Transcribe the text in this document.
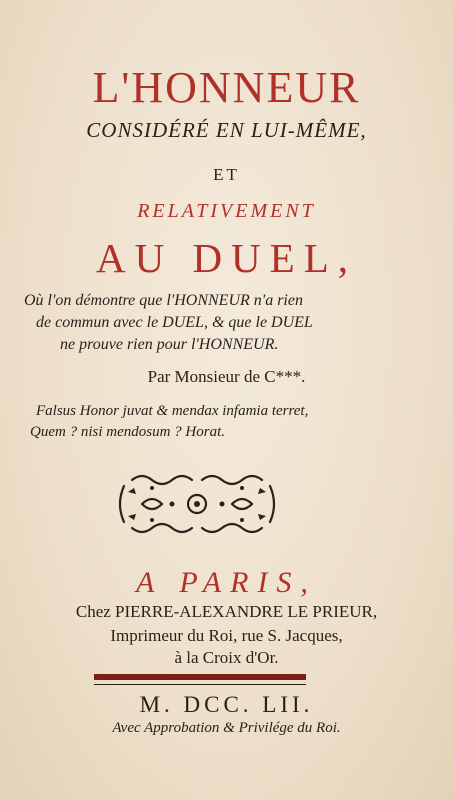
L'HONNEUR
CONSIDÉRÉ EN LUI-MÊME,
ET
RELATIVEMENT
AU DUEL,
Où l'on démontre que l'HONNEUR n'a rien
de commun avec le DUEL, & que le DUEL
ne prouve rien pour l'HONNEUR.
Par Monsieur de C***.
Falsus Honor juvat & mendax infamia terret,
Quem ? nisi mendosum ? Horat.
A PARIS,
Chez PIERRE-ALEXANDRE LE PRIEUR,
Imprimeur du Roi, rue S. Jacques,
à la Croix d'Or.
M. DCC. LII.
Avec Approbation & Privilége du Roi.
